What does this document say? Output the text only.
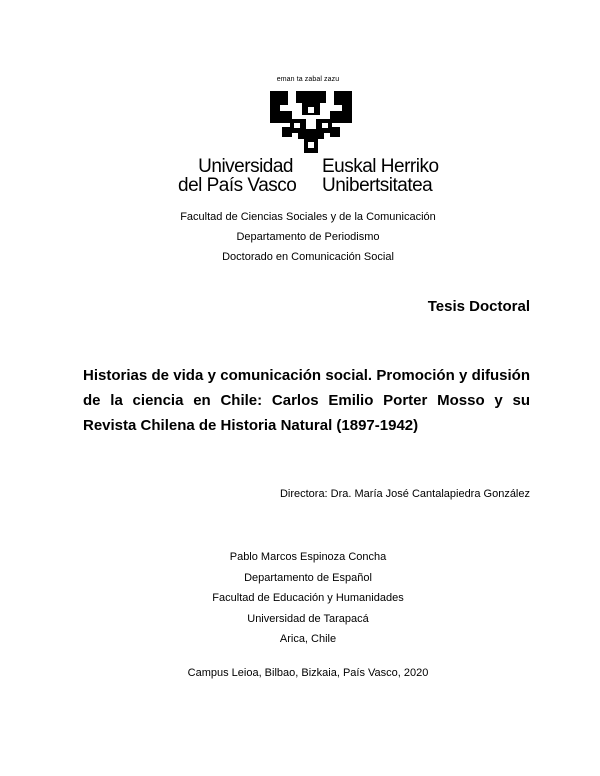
eman ta zabal zazu
Universidad
del País Vasco
Euskal Herriko
Unibertsitatea
Facultad de Ciencias Sociales y de la Comunicación
Departamento de Periodismo
Doctorado en Comunicación Social
Tesis Doctoral
Historias de vida y comunicación social. Promoción y difusión de la ciencia en Chile: Carlos Emilio Porter Mosso y su Revista Chilena de Historia Natural (1897-1942)
Directora: Dra. María José Cantalapiedra González
Pablo Marcos Espinoza Concha
Departamento de Español
Facultad de Educación y Humanidades
Universidad de Tarapacá
Arica, Chile
Campus Leioa, Bilbao, Bizkaia, País Vasco, 2020
